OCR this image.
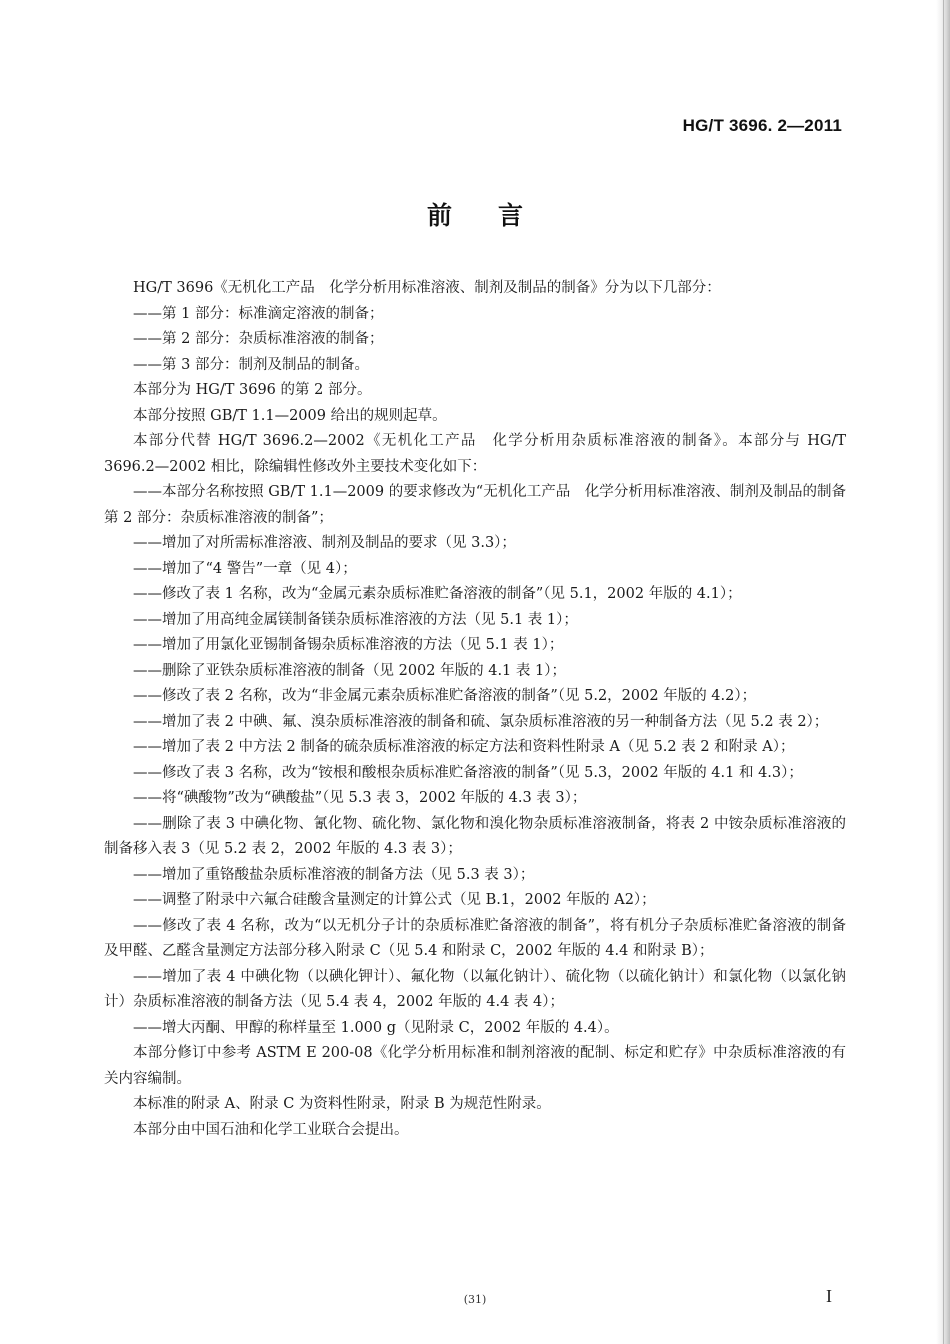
HG/T 3696. 2—2011
前言

HG/T 3696《无机化工产品　化学分析用标准溶液、制剂及制品的制备》分为以下几部分：

——第 1 部分：标准滴定溶液的制备；

——第 2 部分：杂质标准溶液的制备；

——第 3 部分：制剂及制品的制备。

本部分为 HG/T 3696 的第 2 部分。

本部分按照 GB/T 1.1—2009 给出的规则起草。

本部分代替 HG/T 3696.2—2002《无机化工产品　化学分析用杂质标准溶液的制备》。本部分与 HG/T 3696.2—2002 相比，除编辑性修改外主要技术变化如下：

——本部分名称按照 GB/T 1.1—2009 的要求修改为“无机化工产品　化学分析用标准溶液、制剂及制品的制备　第 2 部分：杂质标准溶液的制备”；

——增加了对所需标准溶液、制剂及制品的要求（见 3.3）；

——增加了“4 警告”一章（见 4）；

——修改了表 1 名称，改为“金属元素杂质标准贮备溶液的制备”（见 5.1，2002 年版的 4.1）；

——增加了用高纯金属镁制备镁杂质标准溶液的方法（见 5.1 表 1）；

——增加了用氯化亚锡制备锡杂质标准溶液的方法（见 5.1 表 1）；

——删除了亚铁杂质标准溶液的制备（见 2002 年版的 4.1 表 1）；

——修改了表 2 名称，改为“非金属元素杂质标准贮备溶液的制备”（见 5.2，2002 年版的 4.2）；

——增加了表 2 中碘、氟、溴杂质标准溶液的制备和硫、氯杂质标准溶液的另一种制备方法（见 5.2 表 2）；

——增加了表 2 中方法 2 制备的硫杂质标准溶液的标定方法和资料性附录 A（见 5.2 表 2 和附录 A）；

——修改了表 3 名称，改为“铵根和酸根杂质标准贮备溶液的制备”（见 5.3，2002 年版的 4.1 和 4.3）；

——将“碘酸物”改为“碘酸盐”（见 5.3 表 3，2002 年版的 4.3 表 3）；

——删除了表 3 中碘化物、氰化物、硫化物、氯化物和溴化物杂质标准溶液制备，将表 2 中铵杂质标准溶液的制备移入表 3（见 5.2 表 2，2002 年版的 4.3 表 3）；

——增加了重铬酸盐杂质标准溶液的制备方法（见 5.3 表 3）；

——调整了附录中六氟合硅酸含量测定的计算公式（见 B.1，2002 年版的 A2）；

——修改了表 4 名称，改为“以无机分子计的杂质标准贮备溶液的制备”，将有机分子杂质标准贮备溶液的制备及甲醛、乙醛含量测定方法部分移入附录 C（见 5.4 和附录 C，2002 年版的 4.4 和附录 B）；

——增加了表 4 中碘化物（以碘化钾计）、氟化物（以氟化钠计）、硫化物（以硫化钠计）和氯化物（以氯化钠计）杂质标准溶液的制备方法（见 5.4 表 4，2002 年版的 4.4 表 4）；

——增大丙酮、甲醇的称样量至 1.000 g（见附录 C，2002 年版的 4.4）。

本部分修订中参考 ASTM E 200-08《化学分析用标准和制剂溶液的配制、标定和贮存》中杂质标准溶液的有关内容编制。

本标准的附录 A、附录 C 为资料性附录，附录 B 为规范性附录。

本部分由中国石油和化学工业联合会提出。

(31)	I
